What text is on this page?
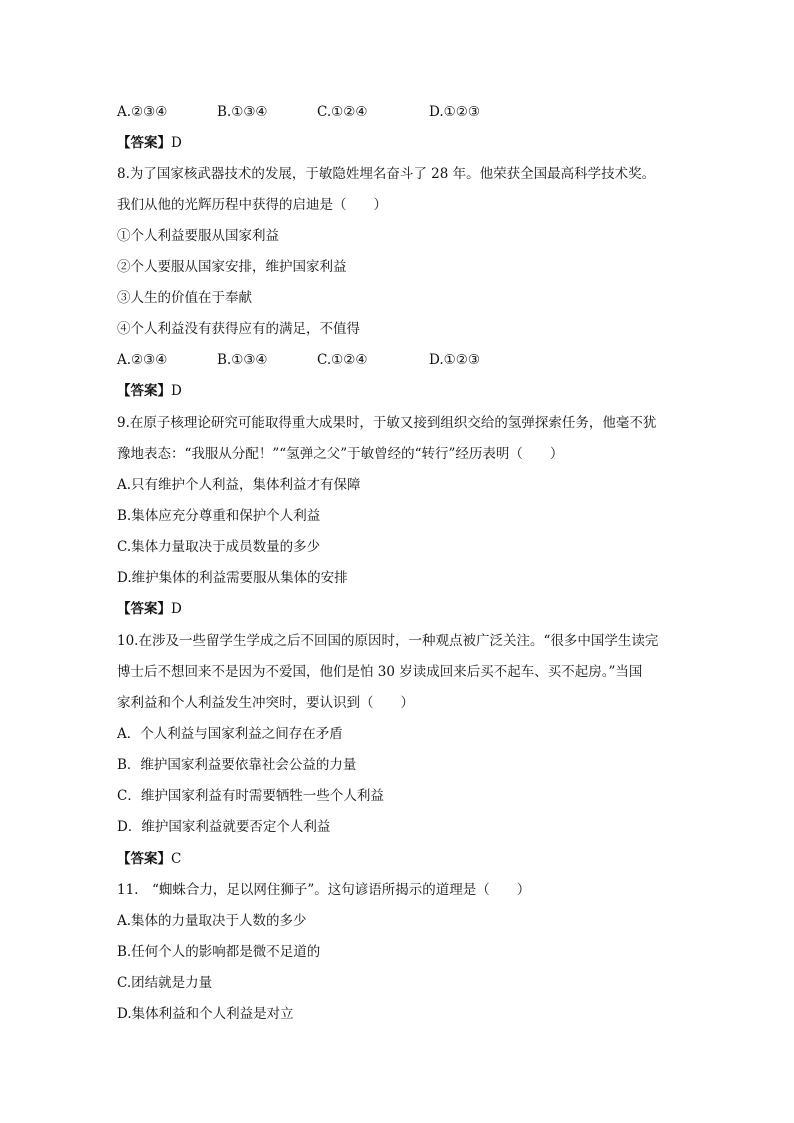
A.②③④	B.①③④	C.①②④	D.①②③
【答案】D
8.为了国家核武器技术的发展，于敏隐姓埋名奋斗了 28 年。他荣获全国最高科学技术奖。
我们从他的光辉历程中获得的启迪是（　　）
①个人利益要服从国家利益
②个人要服从国家安排，维护国家利益
③人生的价值在于奉献
④个人利益没有获得应有的满足，不值得
A.②③④	B.①③④	C.①②④	D.①②③
【答案】D
9.在原子核理论研究可能取得重大成果时，于敏又接到组织交给的氢弹探索任务，他毫不犹
豫地表态：“我服从分配！”“氢弹之父”于敏曾经的“转行”经历表明（　　）
A.只有维护个人利益，集体利益才有保障
B.集体应充分尊重和保护个人利益
C.集体力量取决于成员数量的多少
D.维护集体的利益需要服从集体的安排
【答案】D
10.在涉及一些留学生学成之后不回国的原因时，一种观点被广泛关注。“很多中国学生读完
博士后不想回来不是因为不爱国，他们是怕 30 岁读成回来后买不起车、买不起房。”当国
家利益和个人利益发生冲突时，要认识到（　　）
A．个人利益与国家利益之间存在矛盾
B．维护国家利益要依靠社会公益的力量
C．维护国家利益有时需要牺牲一些个人利益
D．维护国家利益就要否定个人利益
【答案】C
11.　“蜘蛛合力，足以网住狮子”。这句谚语所揭示的道理是（　　）
A.集体的力量取决于人数的多少
B.任何个人的影响都是微不足道的
C.团结就是力量
D.集体利益和个人利益是对立
